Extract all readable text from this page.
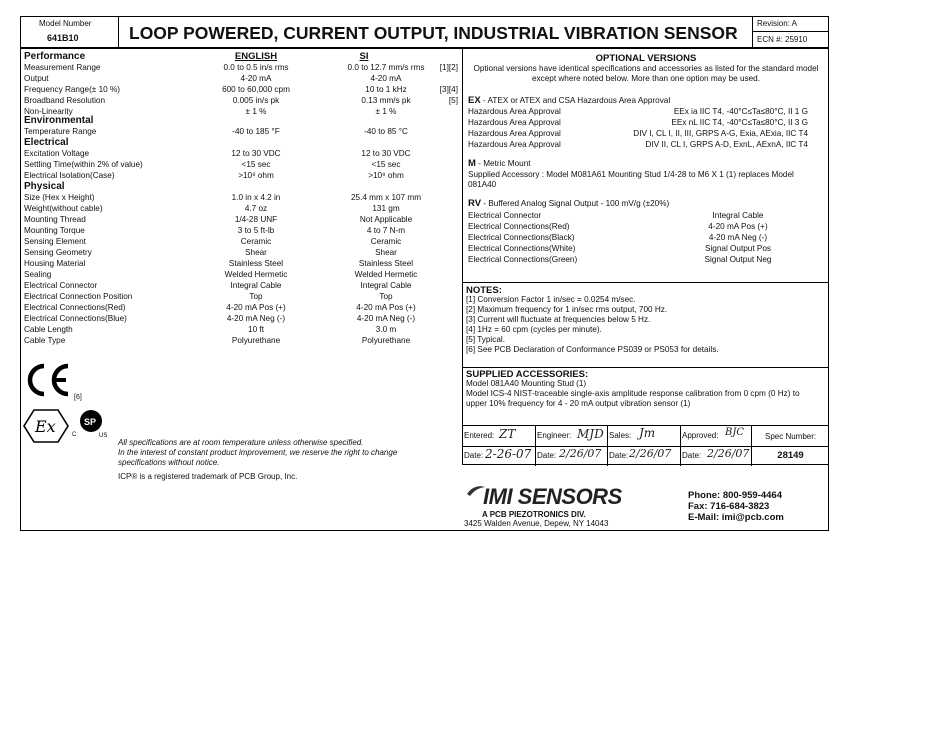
Model Number
641B10	LOOP POWERED, CURRENT OUTPUT, INDUSTRIAL VIBRATION SENSOR Revision: A
ECN #: 25910
Performance	ENGLISH	SI
Measurement Range	0.0 to 0.5 in/s rms	0.0 to 12.7 mm/s rms	[1][2]
Output	4-20 mA	4-20 mA
Frequency Range(± 10 %)	600 to 60,000 cpm	10 to 1 kHz	[3][4]
Broadband Resolution	0.005 in/s pk	0.13 mm/s pk	[5]
Non-Linearity	± 1 %	± 1 %
Environmental
Temperature Range	-40 to 185 °F	-40 to 85 °C
Electrical
Excitation Voltage	12 to 30 VDC	12 to 30 VDC
Settling Time(within 2% of value)	<15 sec	<15 sec
Electrical Isolation(Case)	>10⁸ ohm	>10⁸ ohm
Physical
Size (Hex x Height)	1.0 in x 4.2 in	25.4 mm x 107 mm
Weight(without cable)	4.7 oz	131 gm
Mounting Thread	1/4-28 UNF	Not Applicable
Mounting Torque	3 to 5 ft-lb	4 to 7 N-m
Sensing Element	Ceramic	Ceramic
Sensing Geometry	Shear	Shear
Housing Material	Stainless Steel	Stainless Steel
Sealing	Welded Hermetic	Welded Hermetic
Electrical Connector	Integral Cable	Integral Cable
Electrical Connection Position	Top	Top
Electrical Connections(Red)	4-20 mA Pos (+)	4-20 mA Pos (+)
Electrical Connections(Blue)	4-20 mA Neg (-)	4-20 mA Neg (-)
Cable Length	10 ft	3.0 m
Cable Type	Polyurethane	Polyurethane
[6]
Ex	C
SP
US
All specifications are at room temperature unless otherwise specified.
In the interest of constant product improvement, we reserve the right to change
specifications without notice.
ICP® is a registered trademark of PCB Group, Inc.
OPTIONAL VERSIONS
Optional versions have identical specifications and accessories as listed for the standard model
except where noted below. More than one option may be used.
EX - ATEX or ATEX and CSA Hazardous Area Approval
Hazardous Area Approval	EEx ia IIC T4, -40°C≤Ta≤80°C, II 1 G
Hazardous Area Approval	EEx nL IIC T4, -40°C≤Ta≤80°C, II 3 G
Hazardous Area Approval	DIV I, CL I, II, III, GRPS A-G, Exia, AExia, IIC T4
Hazardous Area Approval	DIV II, CL I, GRPS A-D, ExnL, AExnA, IIC T4
M - Metric Mount
Supplied Accessory : Model M081A61 Mounting Stud 1/4-28 to M6 X 1 (1) replaces Model
081A40
RV - Buffered Analog Signal Output - 100 mV/g (±20%)
Electrical Connector	Integral Cable
Electrical Connections(Red)	4-20 mA Pos (+)
Electrical Connections(Black)	4-20 mA Neg (-)
Electrical Connections(White)	Signal Output Pos
Electrical Connections(Green)	Signal Output Neg
NOTES:
[1] Conversion Factor 1 in/sec = 0.0254 m/sec.
[2] Maximum frequency for 1 in/sec rms output, 700 Hz.
[3] Current will fluctuate at frequencies below 5 Hz.
[4] 1Hz = 60 cpm (cycles per minute).
[5] Typical.
[6] See PCB Declaration of Conformance PS039 or PS053 for details.
SUPPLIED ACCESSORIES:
Model 081A40 Mounting Stud (1)
Model ICS-4 NIST-traceable single-axis amplitude response calibration from 0 cpm (0 Hz) to
upper 10% frequency for 4 - 20 mA output vibration sensor (1)
Entered: ZT	Engineer: MJD Sales: Jm	Approved: BJC	Spec Number:
Date: 2-26-07 Date: 2/26/07 Date: 2/26/07 Date: 2/26/07	28149
IMI SENSORS
A PCB PIEZOTRONICS DIV.
3425 Walden Avenue, Depew, NY 14043
Phone: 800-959-4464
Fax: 716-684-3823
E-Mail: imi@pcb.com
